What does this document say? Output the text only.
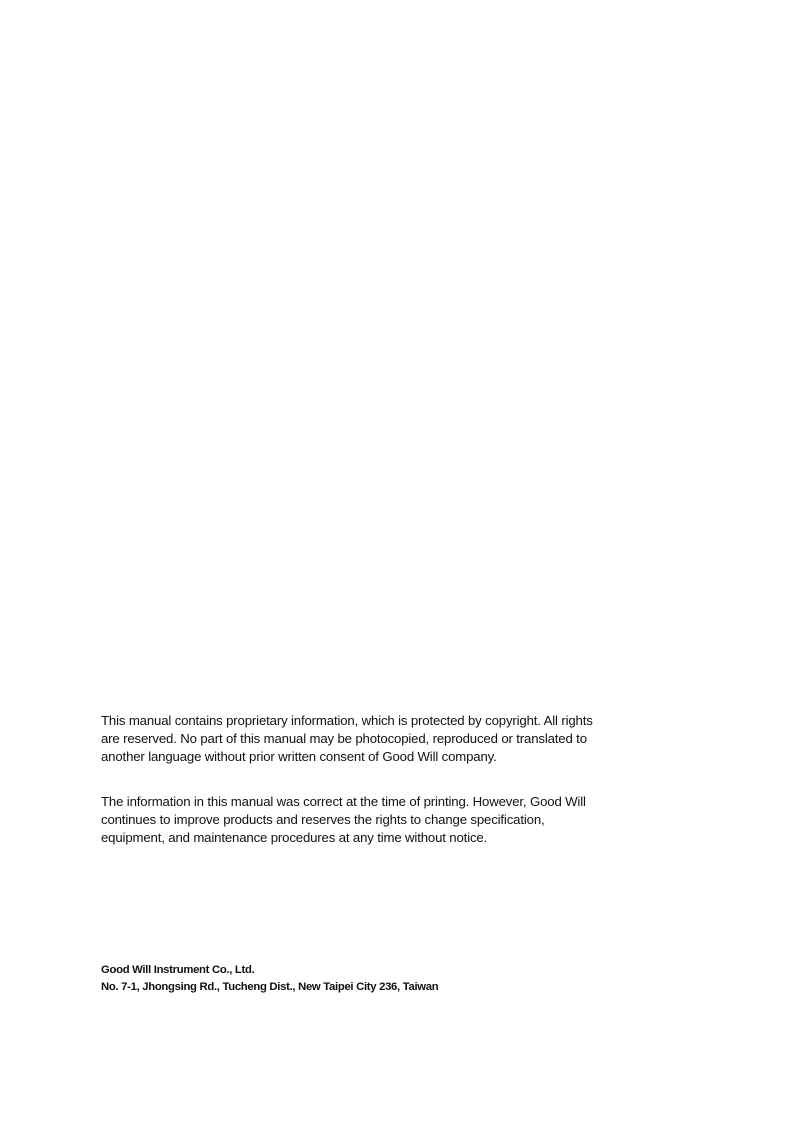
This manual contains proprietary information, which is protected by copyright. All rights
are reserved. No part of this manual may be photocopied, reproduced or translated to
another language without prior written consent of Good Will company.
The information in this manual was correct at the time of printing. However, Good Will
continues to improve products and reserves the rights to change specification,
equipment, and maintenance procedures at any time without notice.
Good Will Instrument Co., Ltd.
No. 7-1, Jhongsing Rd., Tucheng Dist., New Taipei City 236, Taiwan
